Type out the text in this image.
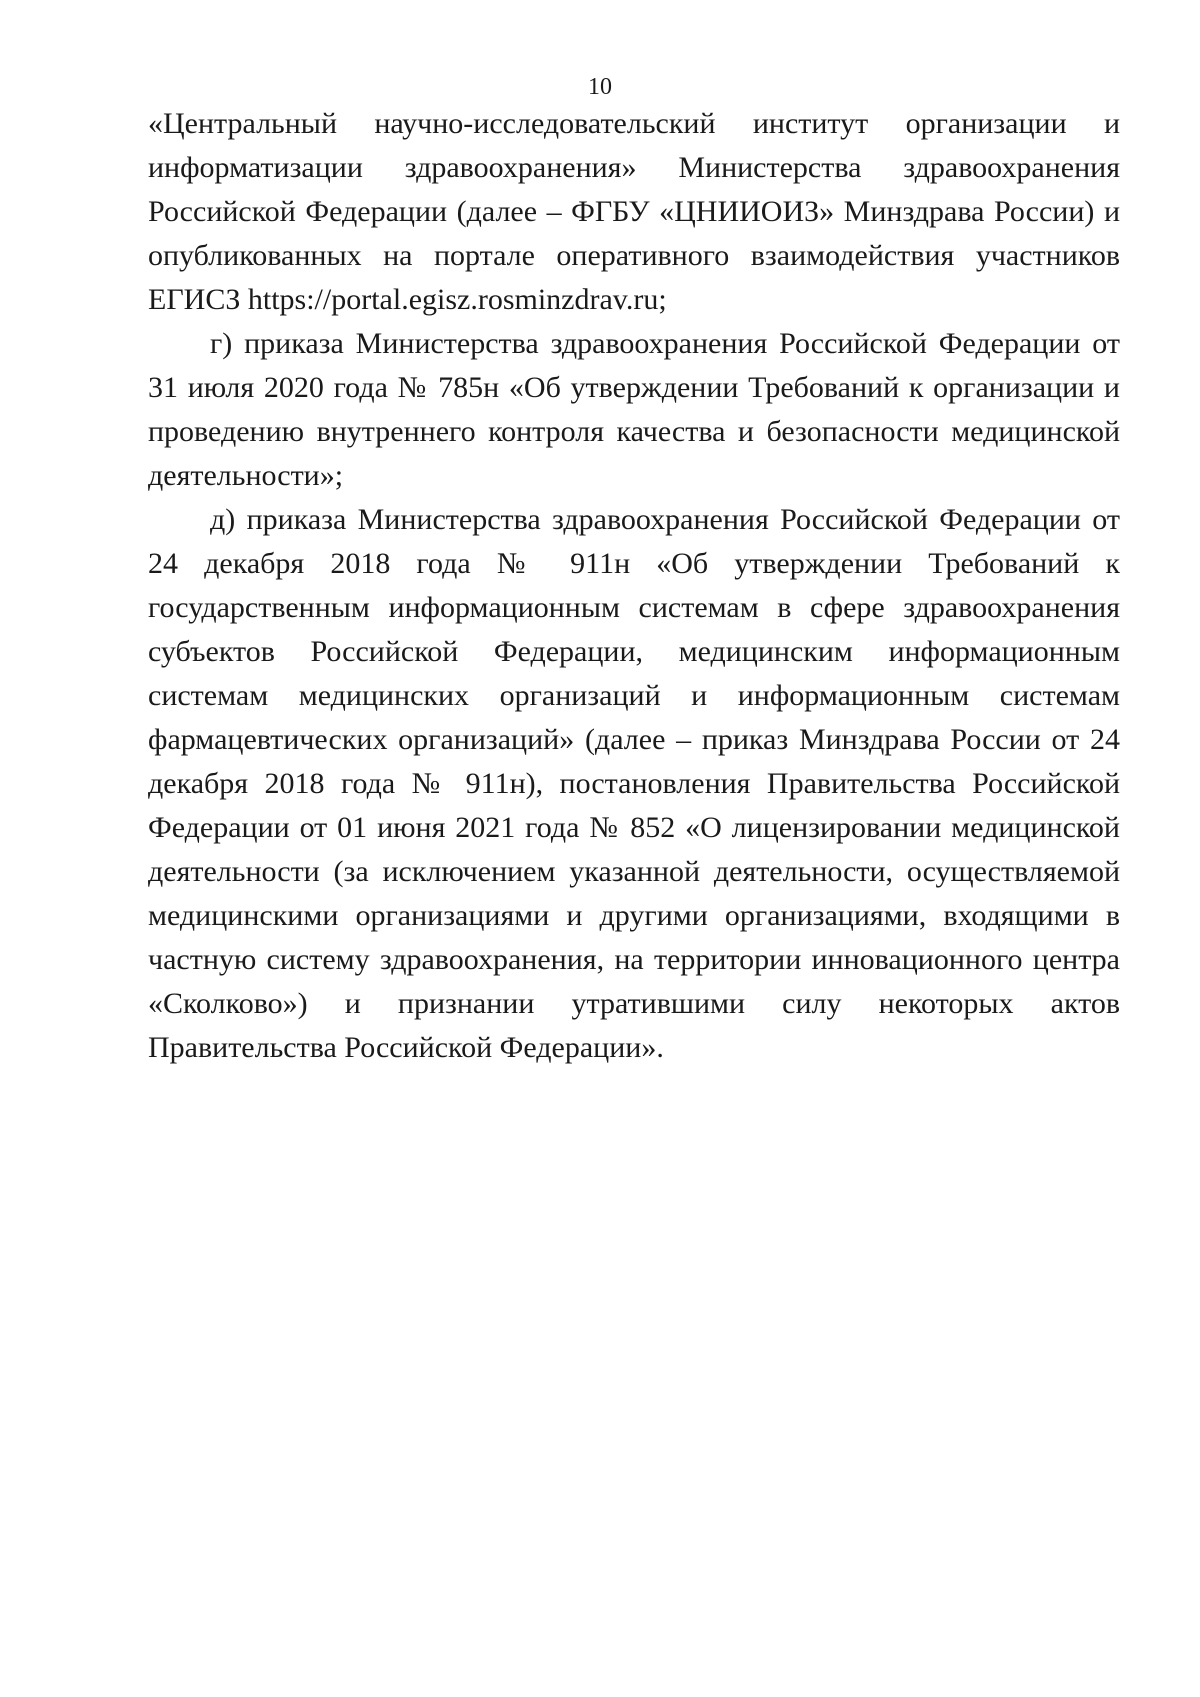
10

«Центральный научно-исследовательский институт организации и информатизации здравоохранения» Министерства здравоохранения Российской Федерации (далее – ФГБУ «ЦНИИОИЗ» Минздрава России) и опубликованных на портале оперативного взаимодействия участников ЕГИСЗ https://portal.egisz.rosminzdrav.ru;

г) приказа Министерства здравоохранения Российской Федерации от 31 июля 2020 года № 785н «Об утверждении Требований к организации и проведению внутреннего контроля качества и безопасности медицинской деятельности»;

д) приказа Министерства здравоохранения Российской Федерации от 24 декабря 2018 года № 911н «Об утверждении Требований к государственным информационным системам в сфере здравоохранения субъектов Российской Федерации, медицинским информационным системам медицинских организаций и информационным системам фармацевтических организаций» (далее – приказ Минздрава России от 24 декабря 2018 года № 911н), постановления Правительства Российской Федерации от 01 июня 2021 года № 852 «О лицензировании медицинской деятельности (за исключением указанной деятельности, осуществляемой медицинскими организациями и другими организациями, входящими в частную систему здравоохранения, на территории инновационного центра «Сколково») и признании утратившими силу некоторых актов Правительства Российской Федерации».
